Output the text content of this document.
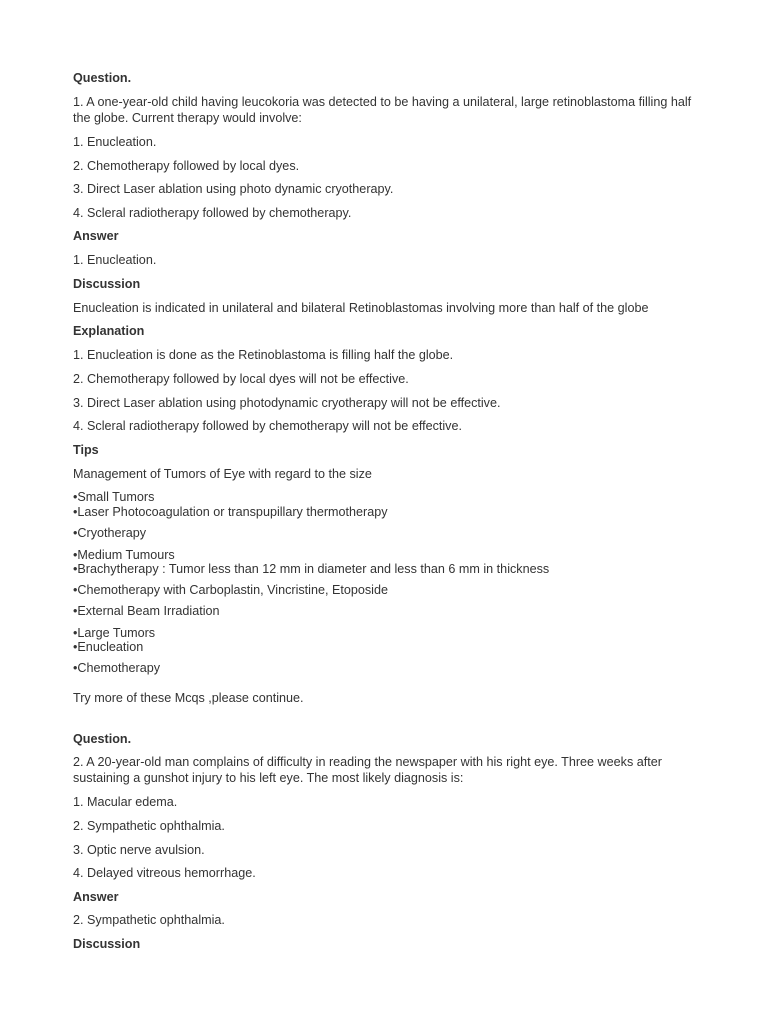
Question.
1. A one-year-old child having leucokoria was detected to be having a unilateral, large retinoblastoma filling half the globe. Current therapy would involve:
1. Enucleation.
2. Chemotherapy followed by local dyes.
3. Direct Laser ablation using photo dynamic cryotherapy.
4. Scleral radiotherapy followed by chemotherapy.
Answer
1. Enucleation.
Discussion
Enucleation is indicated in unilateral and bilateral Retinoblastomas involving more than half of the globe
Explanation
1. Enucleation is done as the Retinoblastoma is filling half the globe.
2. Chemotherapy followed by local dyes will not be effective.
3. Direct Laser ablation using photodynamic cryotherapy will not be effective.
4. Scleral radiotherapy followed by chemotherapy will not be effective.
Tips
Management of Tumors of Eye with regard to the size
•Small Tumors
•Laser Photocoagulation or transpupillary thermotherapy
•Cryotherapy
•Medium Tumours
•Brachytherapy : Tumor less than 12 mm in diameter and less than 6 mm in thickness
•Chemotherapy with Carboplastin, Vincristine, Etoposide
•External Beam Irradiation
•Large Tumors
•Enucleation
•Chemotherapy
Try more of these Mcqs ,please continue.
Question.
2. A 20-year-old man complains of difficulty in reading the newspaper with his right eye. Three weeks after sustaining a gunshot injury to his left eye. The most likely diagnosis is:
1. Macular edema.
2. Sympathetic ophthalmia.
3. Optic nerve avulsion.
4. Delayed vitreous hemorrhage.
Answer
2. Sympathetic ophthalmia.
Discussion
